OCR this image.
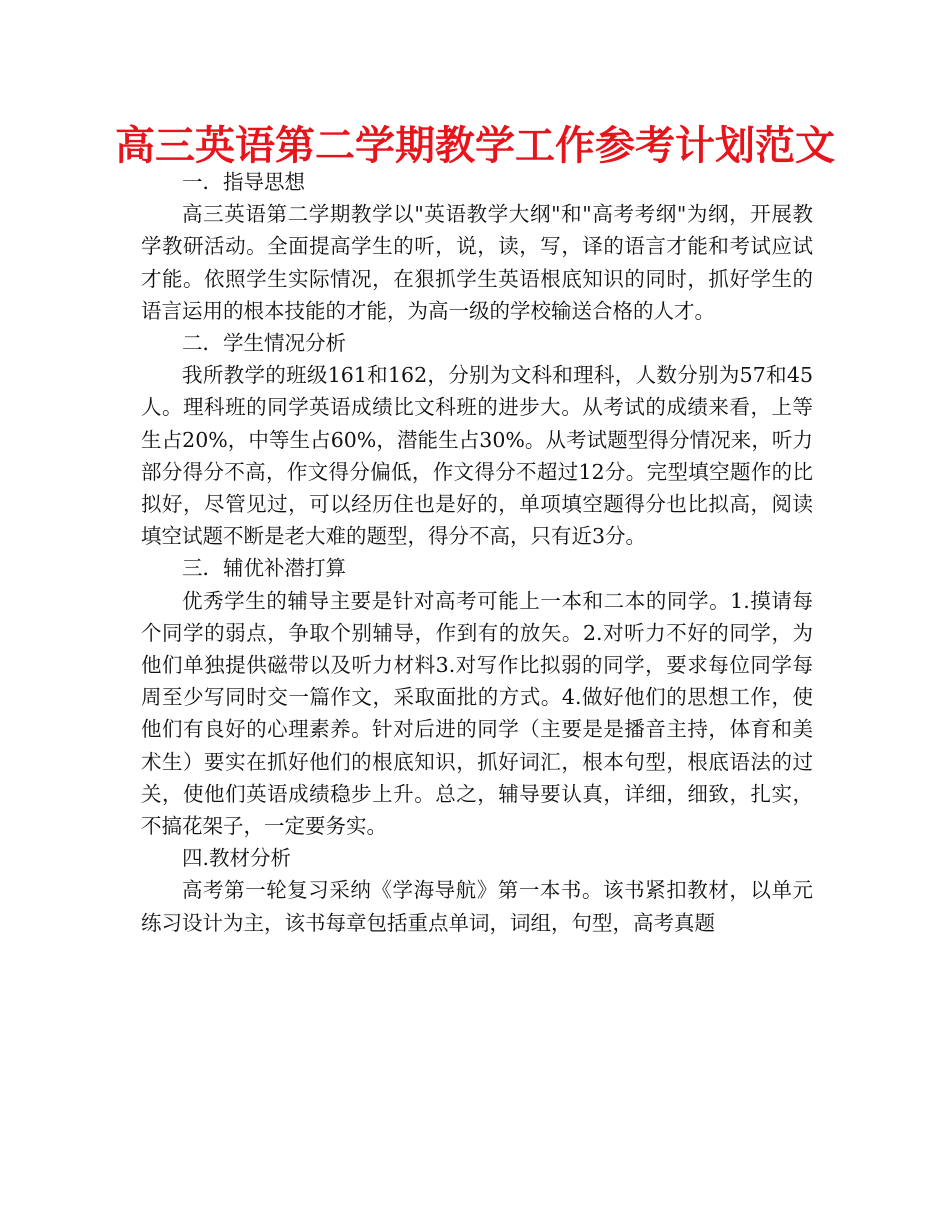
高三英语第二学期教学工作参考计划范文

一．指导思想

高三英语第二学期教学以"英语教学大纲"和"高考考纲"为纲，开展教学教研活动。全面提高学生的听，说，读，写，译的语言才能和考试应试才能。依照学生实际情况，在狠抓学生英语根底知识的同时，抓好学生的语言运用的根本技能的才能，为高一级的学校输送合格的人才。

二．学生情况分析

我所教学的班级161和162，分别为文科和理科，人数分别为57和45人。理科班的同学英语成绩比文科班的进步大。从考试的成绩来看，上等生占20%，中等生占60%，潜能生占30%。从考试题型得分情况来，听力部分得分不高，作文得分偏低，作文得分不超过12分。完型填空题作的比拟好，尽管见过，可以经历住也是好的，单项填空题得分也比拟高，阅读填空试题不断是老大难的题型，得分不高，只有近3分。

三．辅优补潜打算

优秀学生的辅导主要是针对高考可能上一本和二本的同学。1.摸请每个同学的弱点，争取个别辅导，作到有的放矢。2.对听力不好的同学，为他们单独提供磁带以及听力材料3.对写作比拟弱的同学，要求每位同学每周至少写同时交一篇作文，采取面批的方式。4.做好他们的思想工作，使他们有良好的心理素养。针对后进的同学（主要是是播音主持，体育和美术生）要实在抓好他们的根底知识，抓好词汇，根本句型，根底语法的过关，使他们英语成绩稳步上升。总之，辅导要认真，详细，细致，扎实，不搞花架子，一定要务实。

四.教材分析

高考第一轮复习采纳《学海导航》第一本书。该书紧扣教材，以单元练习设计为主，该书每章包括重点单词，词组，句型，高考真题
